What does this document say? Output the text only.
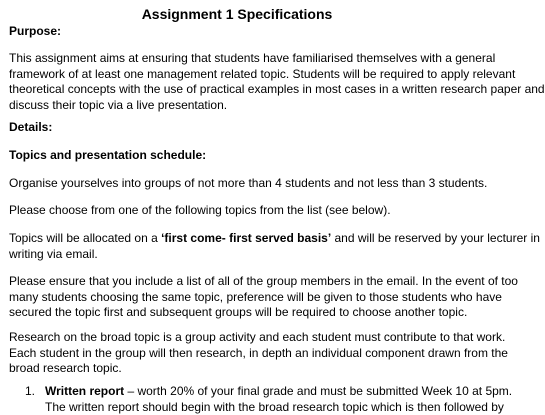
Assignment 1 Specifications
Purpose:
This assignment aims at ensuring that students have familiarised themselves with a general
framework of at least one management related topic. Students will be required to apply relevant
theoretical concepts with the use of practical examples in most cases in a written research paper and
discuss their topic via a live presentation.
Details:
Topics and presentation schedule:
Organise yourselves into groups of not more than 4 students and not less than 3 students.
Please choose from one of the following topics from the list (see below).
Topics will be allocated on a ‘first come- first served basis’ and will be reserved by your lecturer in
writing via email.
Please ensure that you include a list of all of the group members in the email. In the event of too
many students choosing the same topic, preference will be given to those students who have
secured the topic first and subsequent groups will be required to choose another topic.
Research on the broad topic is a group activity and each student must contribute to that work.
Each student in the group will then research, in depth an individual component drawn from the
broad research topic.
1. Written report – worth 20% of your final grade and must be submitted Week 10 at 5pm.
The written report should begin with the broad research topic which is then followed by
